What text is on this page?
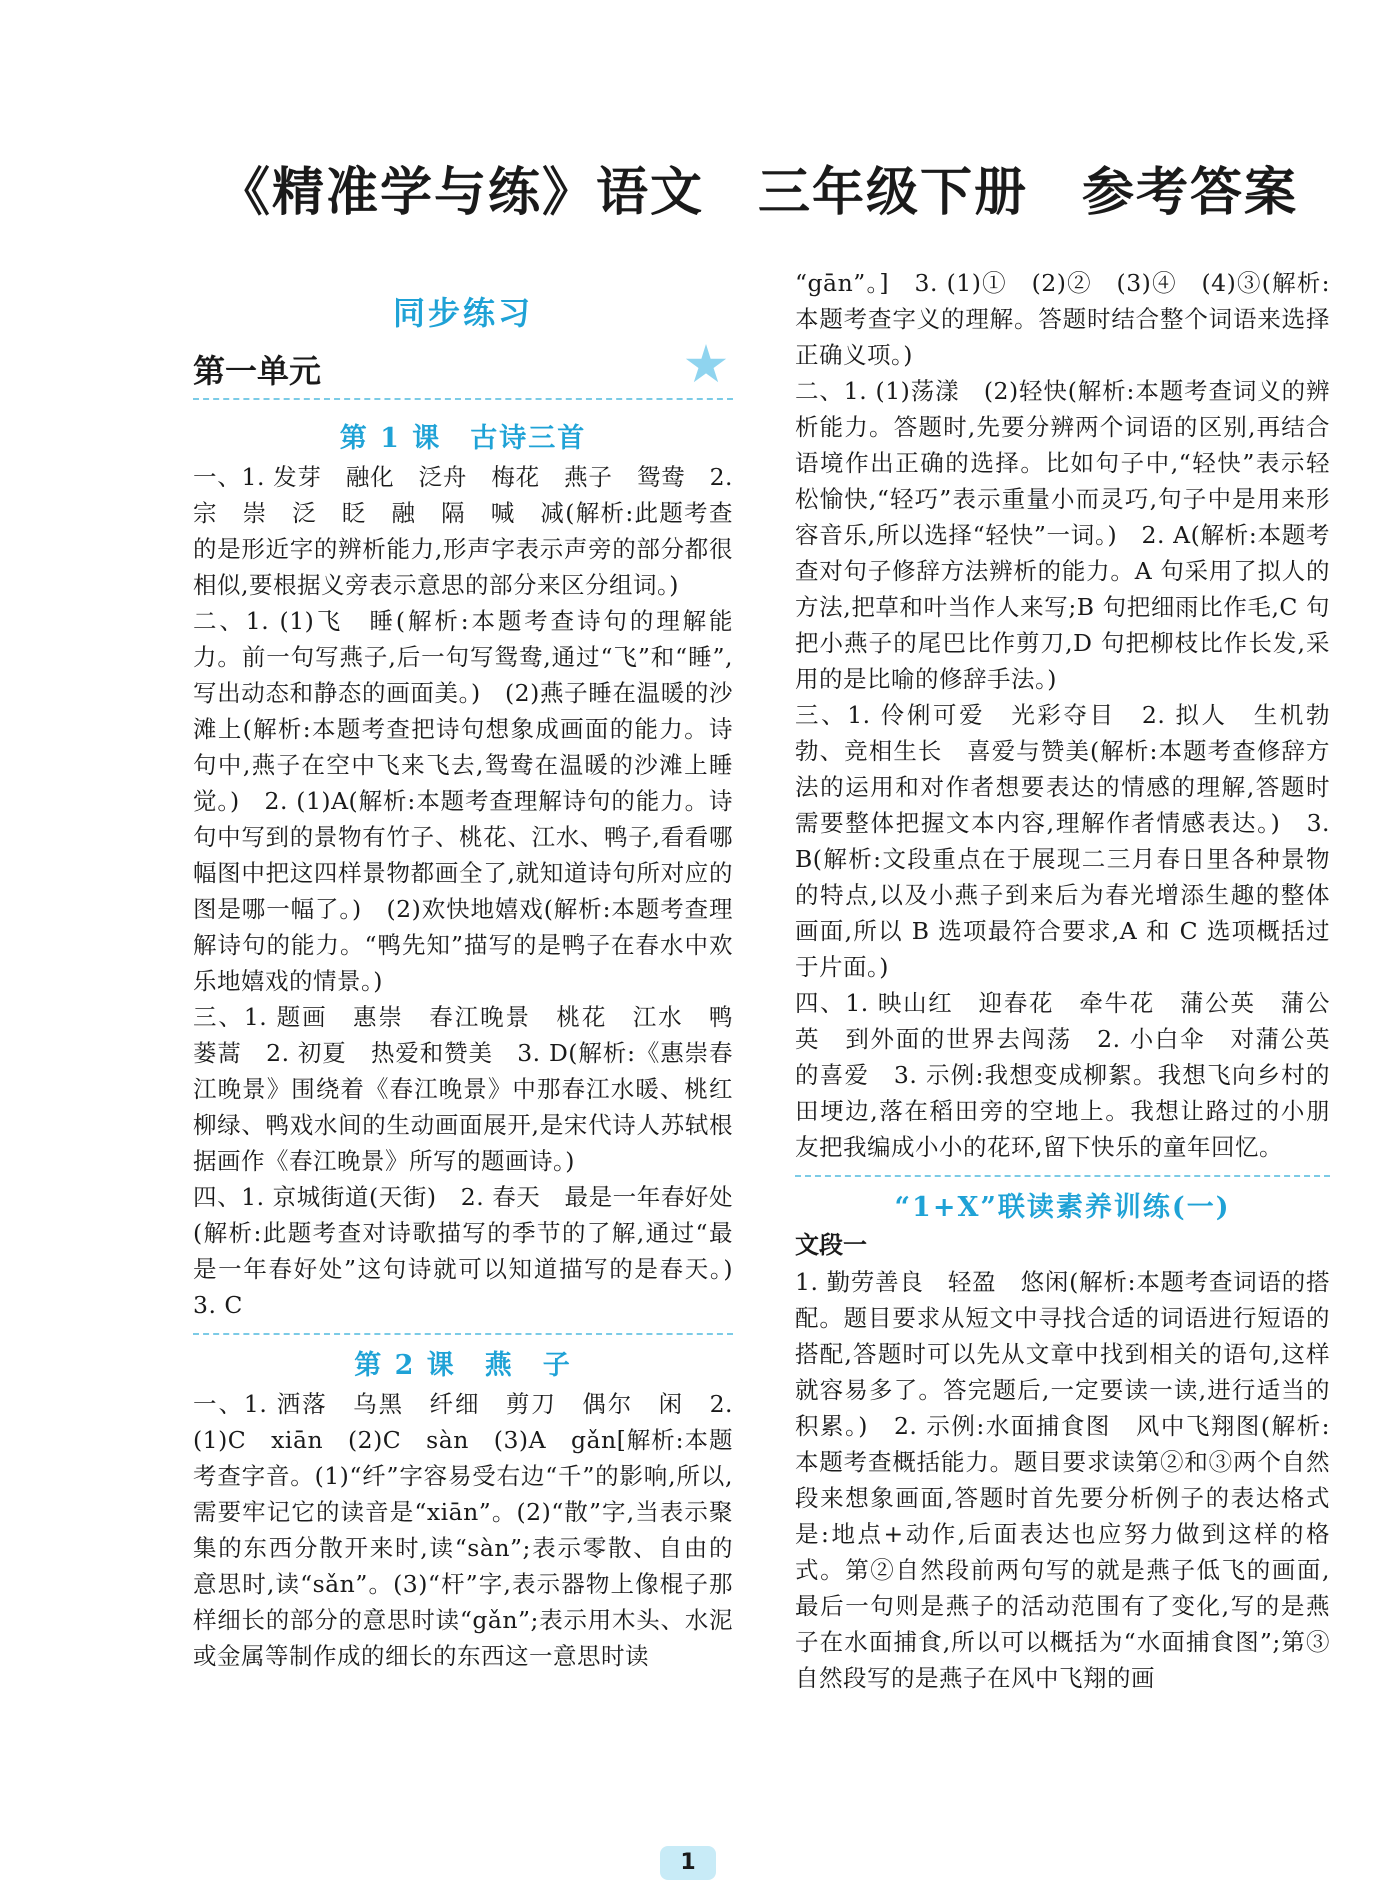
《精准学与练》语文　三年级下册　参考答案
同步练习
第一单元
第 1 课　古诗三首

一、1. 发芽　融化　泛舟　梅花　燕子　鸳鸯　2. 宗　崇　泛　眨　融　隔　喊　减(解析:此题考查的是形近字的辨析能力,形声字表示声旁的部分都很相似,要根据义旁表示意思的部分来区分组词。)

二、1. (1)飞　睡(解析:本题考查诗句的理解能力。前一句写燕子,后一句写鸳鸯,通过“飞”和“睡”,写出动态和静态的画面美。)　(2)燕子睡在温暖的沙滩上(解析:本题考查把诗句想象成画面的能力。诗句中,燕子在空中飞来飞去,鸳鸯在温暖的沙滩上睡觉。)　2. (1)A(解析:本题考查理解诗句的能力。诗句中写到的景物有竹子、桃花、江水、鸭子,看看哪幅图中把这四样景物都画全了,就知道诗句所对应的图是哪一幅了。)　(2)欢快地嬉戏(解析:本题考查理解诗句的能力。“鸭先知”描写的是鸭子在春水中欢乐地嬉戏的情景。)

三、1. 题画　惠崇　春江晚景　桃花　江水　鸭　蒌蒿　2. 初夏　热爱和赞美　3. D(解析:《惠崇春江晚景》围绕着《春江晚景》中那春江水暖、桃红柳绿、鸭戏水间的生动画面展开,是宋代诗人苏轼根据画作《春江晚景》所写的题画诗。)

四、1. 京城街道(天街)　2. 春天　最是一年春好处(解析:此题考查对诗歌描写的季节的了解,通过“最是一年春好处”这句诗就可以知道描写的是春天。)　3. C

第 2 课　燕　子

一、1. 洒落　乌黑　纤细　剪刀　偶尔　闲　2. (1)C　xiān　(2)C　sàn　(3)A　gǎn[解析:本题考查字音。(1)“纤”字容易受右边“千”的影响,所以,需要牢记它的读音是“xiān”。(2)“散”字,当表示聚集的东西分散开来时,读“sàn”;表示零散、自由的意思时,读“sǎn”。(3)“杆”字,表示器物上像棍子那样细长的部分的意思时读“gǎn”;表示用木头、水泥或金属等制作成的细长的东西这一意思时读

“gān”。]　3. (1)①　(2)②　(3)④　(4)③(解析:本题考查字义的理解。答题时结合整个词语来选择正确义项。)

二、1. (1)荡漾　(2)轻快(解析:本题考查词义的辨析能力。答题时,先要分辨两个词语的区别,再结合语境作出正确的选择。比如句子中,“轻快”表示轻松愉快,“轻巧”表示重量小而灵巧,句子中是用来形容音乐,所以选择“轻快”一词。)　2. A(解析:本题考查对句子修辞方法辨析的能力。A 句采用了拟人的方法,把草和叶当作人来写;B 句把细雨比作毛,C 句把小燕子的尾巴比作剪刀,D 句把柳枝比作长发,采用的是比喻的修辞手法。)

三、1. 伶俐可爱　光彩夺目　2. 拟人　生机勃勃、竞相生长　喜爱与赞美(解析:本题考查修辞方法的运用和对作者想要表达的情感的理解,答题时需要整体把握文本内容,理解作者情感表达。)　3. B(解析:文段重点在于展现二三月春日里各种景物的特点,以及小燕子到来后为春光增添生趣的整体画面,所以 B 选项最符合要求,A 和 C 选项概括过于片面。)

四、1. 映山红　迎春花　牵牛花　蒲公英　蒲公英　到外面的世界去闯荡　2. 小白伞　对蒲公英的喜爱　3. 示例:我想变成柳絮。我想飞向乡村的田埂边,落在稻田旁的空地上。我想让路过的小朋友把我编成小小的花环,留下快乐的童年回忆。

“1+X”联读素养训练(一)
文段一

1. 勤劳善良　轻盈　悠闲(解析:本题考查词语的搭配。题目要求从短文中寻找合适的词语进行短语的搭配,答题时可以先从文章中找到相关的语句,这样就容易多了。答完题后,一定要读一读,进行适当的积累。)　2. 示例:水面捕食图　风中飞翔图(解析:本题考查概括能力。题目要求读第②和③两个自然段来想象画面,答题时首先要分析例子的表达格式是:地点+动作,后面表达也应努力做到这样的格式。第②自然段前两句写的就是燕子低飞的画面,最后一句则是燕子的活动范围有了变化,写的是燕子在水面捕食,所以可以概括为“水面捕食图”;第③自然段写的是燕子在风中飞翔的画

1
